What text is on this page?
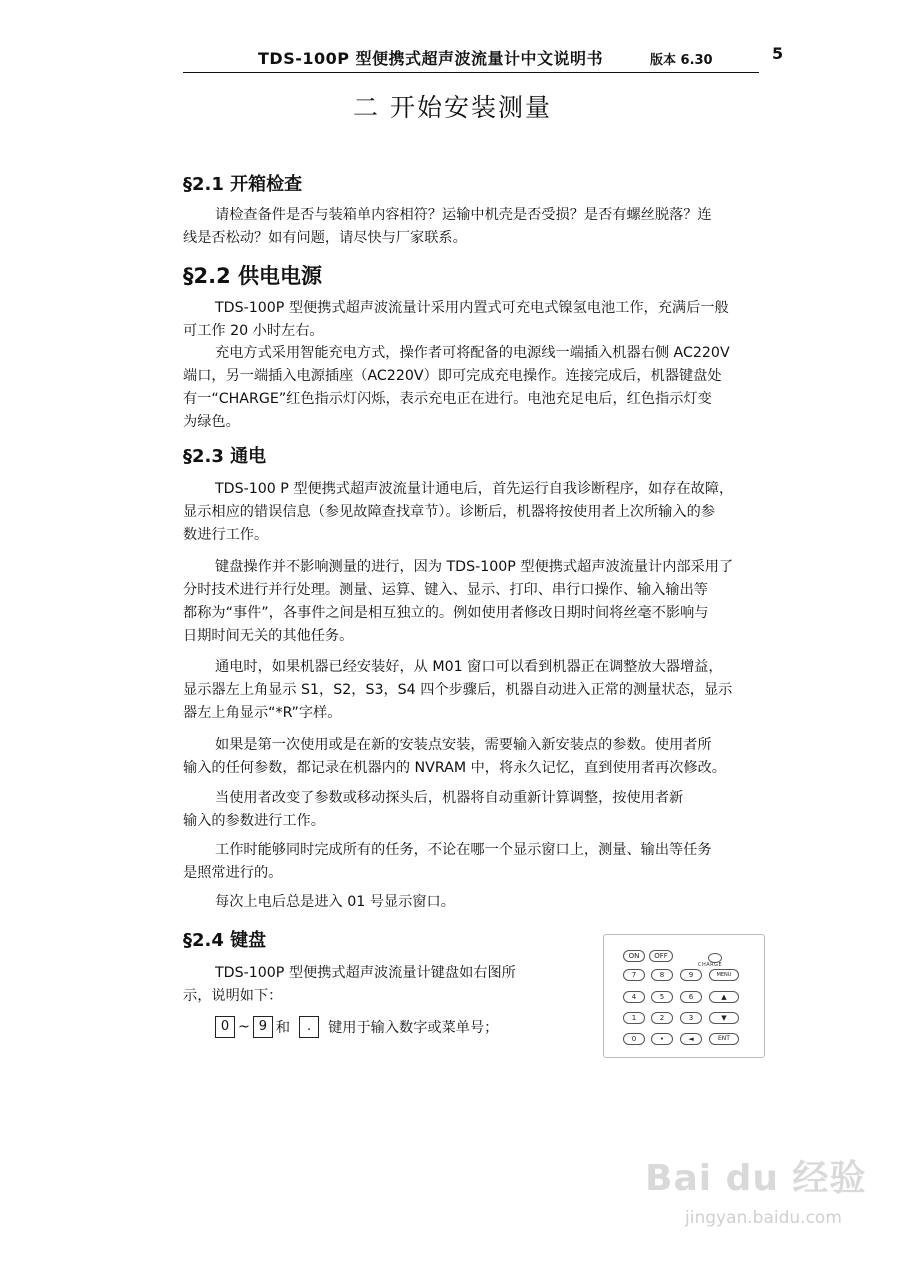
TDS-100P 型便携式超声波流量计中文说明书	版本 6.30	5
二 开始安装测量
§2.1 开箱检查
请检查备件是否与装箱单内容相符？运输中机壳是否受损？是否有螺丝脱落？连
线是否松动？如有问题，请尽快与厂家联系。
§2.2 供电电源
TDS-100P 型便携式超声波流量计采用内置式可充电式镍氢电池工作，充满后一般
可工作 20 小时左右。
充电方式采用智能充电方式，操作者可将配备的电源线一端插入机器右侧 AC220V
端口，另一端插入电源插座（AC220V）即可完成充电操作。连接完成后，机器键盘处
有一“CHARGE”红色指示灯闪烁，表示充电正在进行。电池充足电后，红色指示灯变
为绿色。
§2.3 通电
TDS-100 P 型便携式超声波流量计通电后，首先运行自我诊断程序，如存在故障，
显示相应的错误信息（参见故障查找章节）。诊断后，机器将按使用者上次所输入的参
数进行工作。
键盘操作并不影响测量的进行，因为 TDS-100P 型便携式超声波流量计内部采用了
分时技术进行并行处理。测量、运算、键入、显示、打印、串行口操作、输入输出等
都称为“事件”，各事件之间是相互独立的。例如使用者修改日期时间将丝毫不影响与
日期时间无关的其他任务。
通电时，如果机器已经安装好，从 M01 窗口可以看到机器正在调整放大器增益，
显示器左上角显示 S1，S2，S3，S4 四个步骤后，机器自动进入正常的测量状态，显示
器左上角显示“*R”字样。
如果是第一次使用或是在新的安装点安装，需要输入新安装点的参数。使用者所
输入的任何参数，都记录在机器内的 NVRAM 中，将永久记忆，直到使用者再次修改。
当使用者改变了参数或移动探头后，机器将自动重新计算调整，按使用者新
输入的参数进行工作。
工作时能够同时完成所有的任务，不论在哪一个显示窗口上，测量、输出等任务
是照常进行的。
每次上电后总是进入 01 号显示窗口。
§2.4 键盘
TDS-100P 型便携式超声波流量计键盘如右图所
示，说明如下：
0 ~ 9 和	.	键用于输入数字或菜单号；
CHARGE
ON	OFF
7	8	9	MENU
4	5	6	▲
1	2	3	▼
0	•	◄	ENT
Bai du 经验
jingyan.baidu.com
